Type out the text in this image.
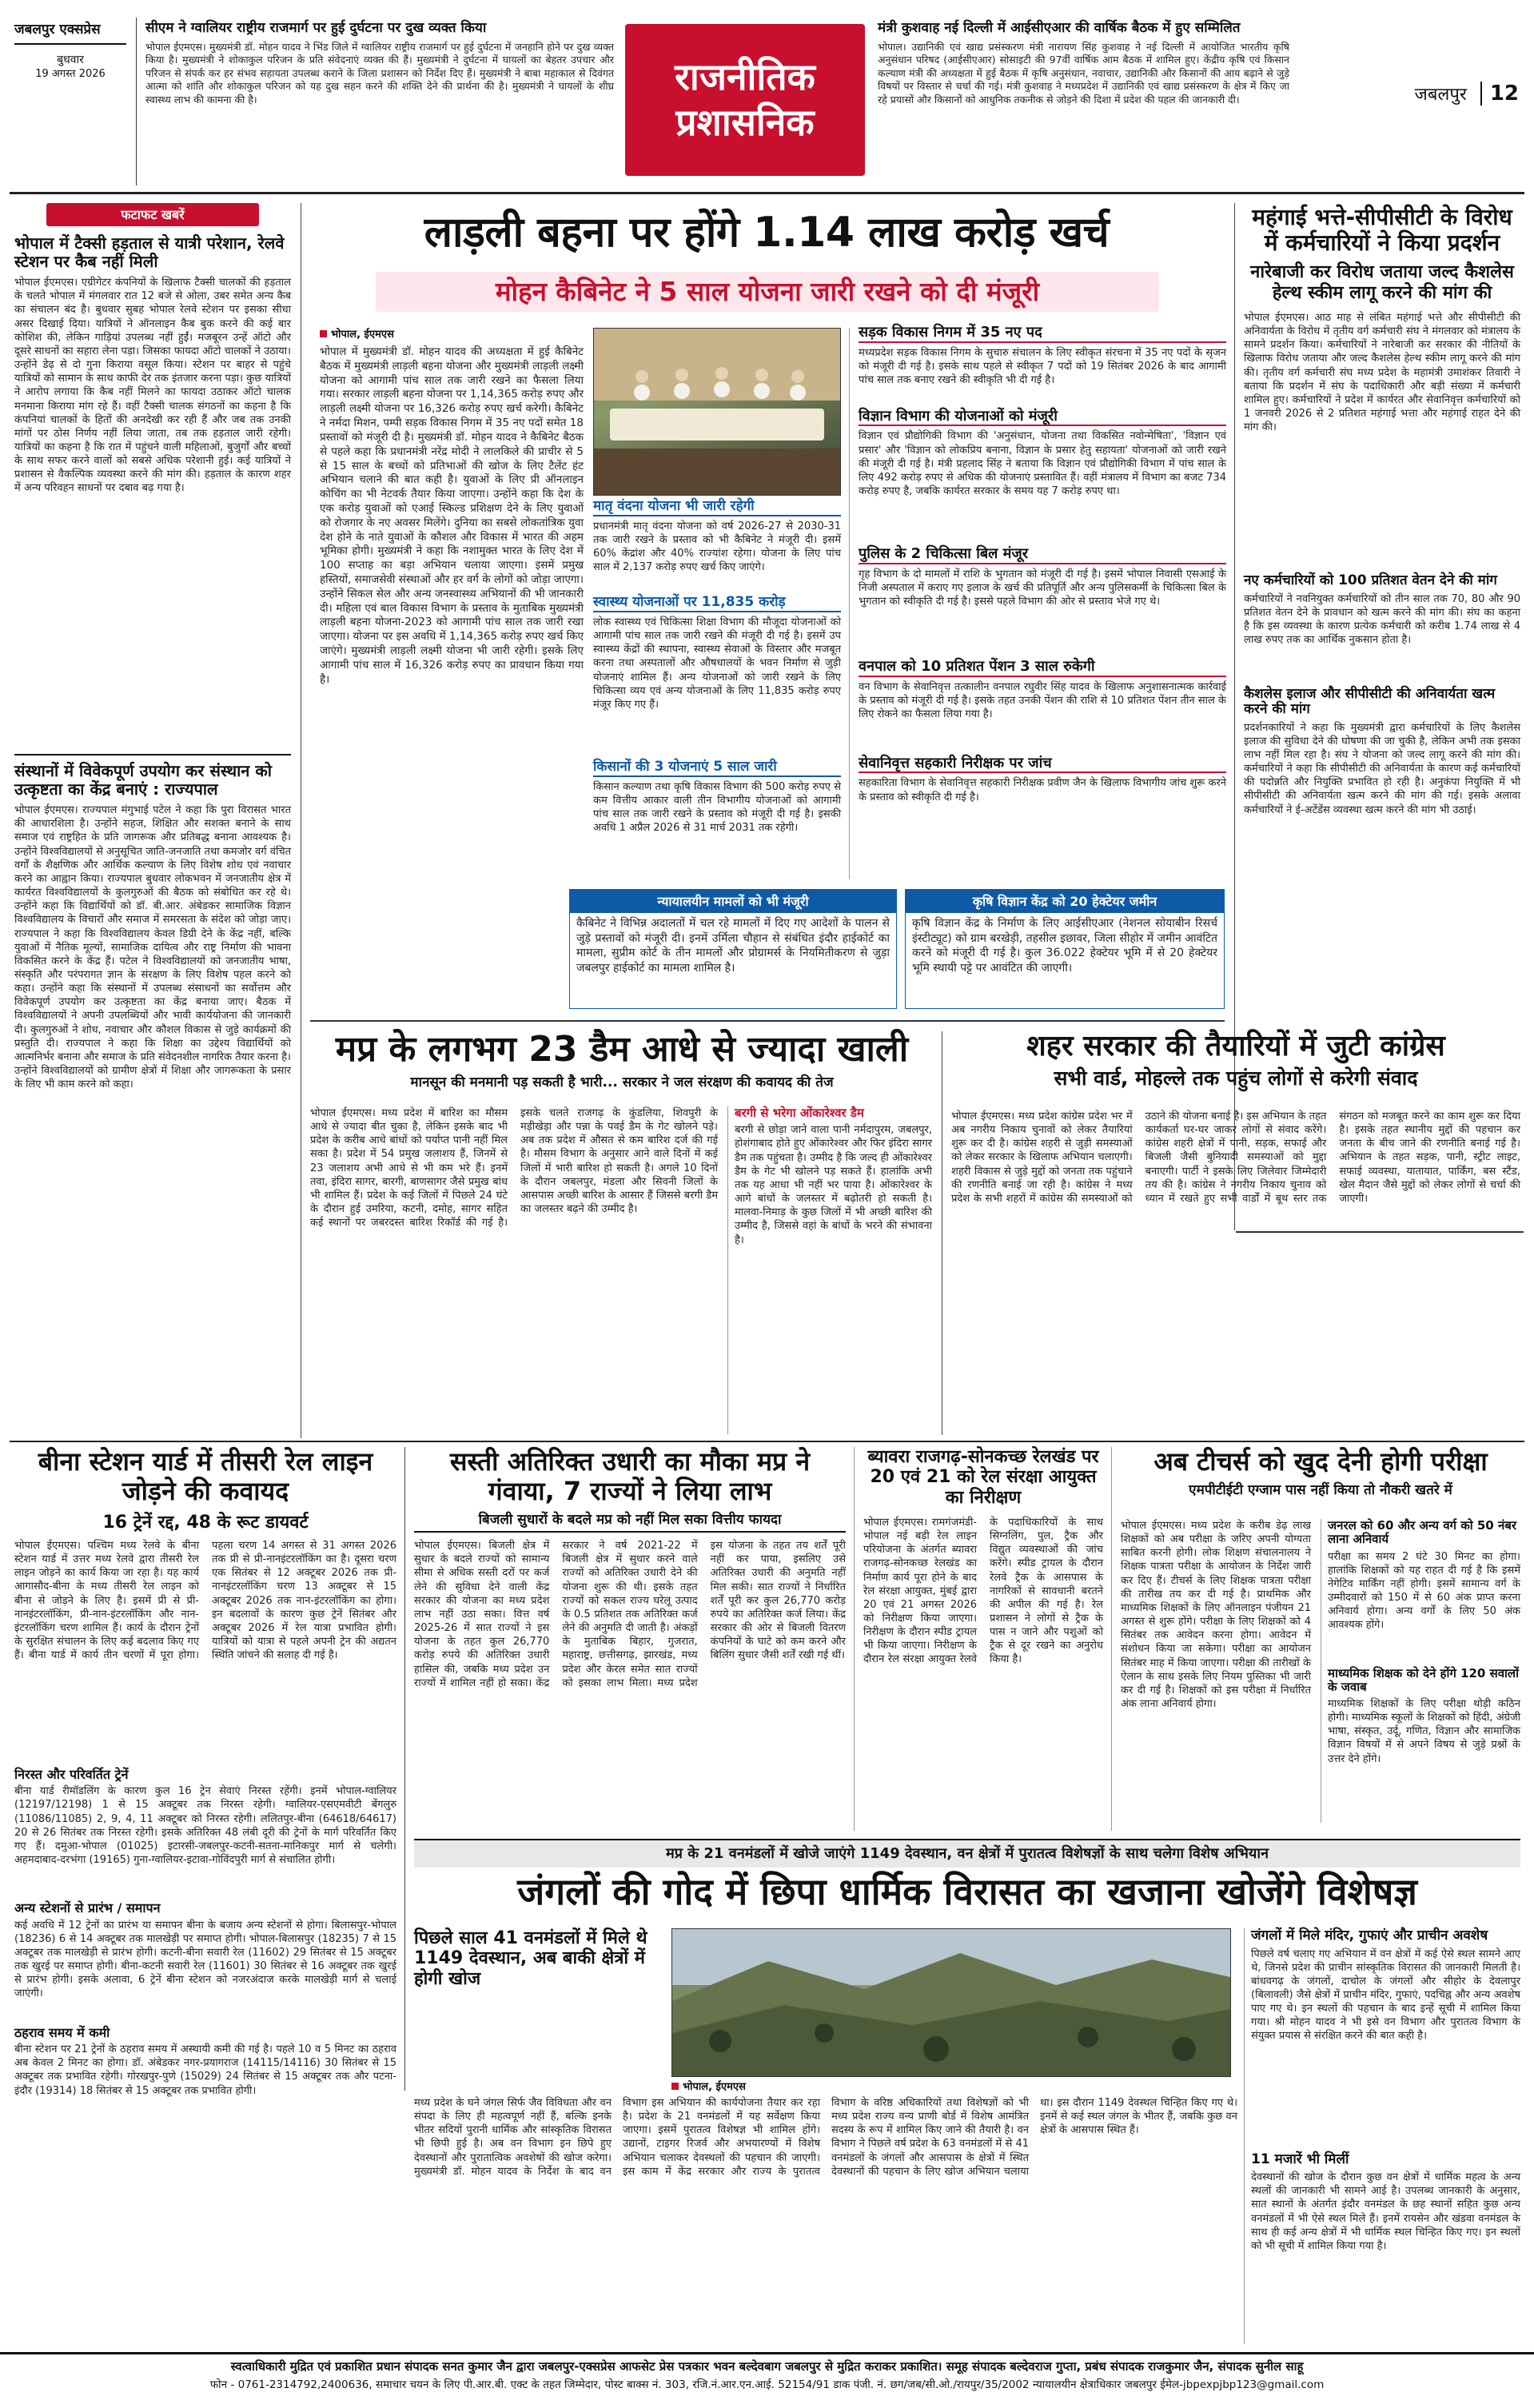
जबलपुर एक्सप्रेस
बुधवार
19 अगस्त 2026
सीएम ने ग्वालियर राष्ट्रीय राजमार्ग पर हुई दुर्घटना पर दुख व्यक्त किया
भोपाल ईएमएस। मुख्यमंत्री डॉ. मोहन यादव ने भिंड जिले में ग्वालियर राष्ट्रीय राजमार्ग पर हुई दुर्घटना में जनहानि होने पर दुख व्यक्त किया है। मुख्यमंत्री ने शोकाकुल परिजन के प्रति संवेदनाएं व्यक्त की हैं। मुख्यमंत्री ने दुर्घटना में घायलों का बेहतर उपचार और परिजन से संपर्क कर हर संभव सहायता उपलब्ध कराने के जिला प्रशासन को निर्देश दिए हैं। मुख्यमंत्री ने बाबा महाकाल से दिवंगत आत्मा को शांति और शोकाकुल परिजन को यह दुख सहन करने की शक्ति देने की प्रार्थना की है। मुख्यमंत्री ने घायलों के शीघ्र स्वास्थ्य लाभ की कामना की है।
राजनीतिक
प्रशासनिक
मंत्री कुशवाह नई दिल्ली में आईसीएआर की वार्षिक बैठक में हुए सम्मिलित
भोपाल। उद्यानिकी एवं खाद्य प्रसंस्करण मंत्री नारायण सिंह कुशवाह ने नई दिल्ली में आयोजित भारतीय कृषि अनुसंधान परिषद (आईसीएआर) सोसाइटी की 97वीं वार्षिक आम बैठक में शामिल हुए। केंद्रीय कृषि एवं किसान कल्याण मंत्री की अध्यक्षता में हुई बैठक में कृषि अनुसंधान, नवाचार, उद्यानिकी और किसानों की आय बढ़ाने से जुड़े विषयों पर विस्तार से चर्चा की गई। मंत्री कुशवाह ने मध्यप्रदेश में उद्यानिकी एवं खाद्य प्रसंस्करण के क्षेत्र में किए जा रहे प्रयासों और किसानों को आधुनिक तकनीक से जोड़ने की दिशा में प्रदेश की पहल की जानकारी दी।	जबलपुर 12
फटाफट खबरें
भोपाल में टैक्सी हड़ताल से यात्री परेशान, रेलवे स्टेशन पर कैब नहीं मिली
भोपाल ईएमएस। एग्रीगेटर कंपनियों के खिलाफ टैक्सी चालकों की हड़ताल के चलते भोपाल में मंगलवार रात 12 बजे से ओला, उबर समेत अन्य कैब का संचालन बंद है। बुधवार सुबह भोपाल रेलवे स्टेशन पर इसका सीधा असर दिखाई दिया। यात्रियों ने ऑनलाइन कैब बुक करने की कई बार कोशिश की, लेकिन गाड़ियां उपलब्ध नहीं हुईं। मजबूरन उन्हें ऑटो और दूसरे साधनों का सहारा लेना पड़ा। जिसका फायदा ऑटो चालकों ने उठाया। उन्होंने डेढ़ से दो गुना किराया वसूल किया। स्टेशन पर बाहर से पहुंचे यात्रियों को सामान के साथ काफी देर तक इंतजार करना पड़ा। कुछ यात्रियों ने आरोप लगाया कि कैब नहीं मिलने का फायदा उठाकर ऑटो चालक मनमाना किराया मांग रहे हैं। वहीं टैक्सी चालक संगठनों का कहना है कि कंपनियां चालकों के हितों की अनदेखी कर रही हैं और जब तक उनकी मांगों पर ठोस निर्णय नहीं लिया जाता, तब तक हड़ताल जारी रहेगी। यात्रियों का कहना है कि रात में पहुंचने वाली महिलाओं, बुजुर्गों और बच्चों के साथ सफर करने वालों को सबसे अधिक परेशानी हुई। कई यात्रियों ने प्रशासन से वैकल्पिक व्यवस्था करने की मांग की। हड़ताल के कारण शहर में अन्य परिवहन साधनों पर दबाव बढ़ गया है।
संस्थानों में विवेकपूर्ण उपयोग कर संस्थान को उत्कृष्टता का केंद्र बनाएं : राज्यपाल
भोपाल ईएमएस। राज्यपाल मंगुभाई पटेल ने कहा कि पुरा विरासत भारत की आधारशिला है। उन्होंने सहज, शिक्षित और सशक्त बनाने के साथ समाज एवं राष्ट्रहित के प्रति जागरूक और प्रतिबद्ध बनाना आवश्यक है। उन्होंने विश्वविद्यालयों से अनुसूचित जाति-जनजाति तथा कमजोर वर्ग वंचित वर्गों के शैक्षणिक और आर्थिक कल्याण के लिए विशेष शोध एवं नवाचार करने का आह्वान किया। राज्यपाल बुधवार लोकभवन में जनजातीय क्षेत्र में कार्यरत विश्वविद्यालयों के कुलगुरुओं की बैठक को संबोधित कर रहे थे। उन्होंने कहा कि विद्यार्थियों को डॉ. बी.आर. अंबेडकर सामाजिक विज्ञान विश्वविद्यालय के विचारों और समाज में समरसता के संदेश को जोड़ा जाए। राज्यपाल ने कहा कि विश्वविद्यालय केवल डिग्री देने के केंद्र नहीं, बल्कि युवाओं में नैतिक मूल्यों, सामाजिक दायित्व और राष्ट्र निर्माण की भावना विकसित करने के केंद्र हैं। पटेल ने विश्वविद्यालयों को जनजातीय भाषा, संस्कृति और परंपरागत ज्ञान के संरक्षण के लिए विशेष पहल करने को कहा। उन्होंने कहा कि संस्थानों में उपलब्ध संसाधनों का सर्वोत्तम और विवेकपूर्ण उपयोग कर उत्कृष्टता का केंद्र बनाया जाए। बैठक में विश्वविद्यालयों ने अपनी उपलब्धियों और भावी कार्ययोजना की जानकारी दी। कुलगुरुओं ने शोध, नवाचार और कौशल विकास से जुड़े कार्यक्रमों की प्रस्तुति दी। राज्यपाल ने कहा कि शिक्षा का उद्देश्य विद्यार्थियों को आत्मनिर्भर बनाना और समाज के प्रति संवेदनशील नागरिक तैयार करना है। उन्होंने विश्वविद्यालयों को ग्रामीण क्षेत्रों में शिक्षा और जागरूकता के प्रसार के लिए भी काम करने को कहा।
लाड़ली बहना पर होंगे 1.14 लाख करोड़ खर्च
मोहन कैबिनेट ने 5 साल योजना जारी रखने को दी मंजूरी
भोपाल, ईएमएस
भोपाल में मुख्यमंत्री डॉ. मोहन यादव की अध्यक्षता में हुई कैबिनेट बैठक में मुख्यमंत्री लाड़ली बहना योजना और मुख्यमंत्री लाड़ली लक्ष्मी योजना को आगामी पांच साल तक जारी रखने का फैसला लिया गया। सरकार लाड़ली बहना योजना पर 1,14,365 करोड़ रुपए और लाड़ली लक्ष्मी योजना पर 16,326 करोड़ रुपए खर्च करेगी। कैबिनेट ने नर्मदा मिशन, पम्पी सड़क विकास निगम में 35 नए पदों समेत 18 प्रस्तावों को मंजूरी दी है। मुख्यमंत्री डॉ. मोहन यादव ने कैबिनेट बैठक से पहले कहा कि प्रधानमंत्री नरेंद्र मोदी ने लालकिले की प्राचीर से 5 से 15 साल के बच्चों को प्रतिभाओं की खोज के लिए टैलेंट हंट अभियान चलाने की बात कही है। युवाओं के लिए प्री ऑनलाइन कोचिंग का भी नेटवर्क तैयार किया जाएगा। उन्होंने कहा कि देश के एक करोड़ युवाओं को एआई स्किल्ड प्रशिक्षण देने के लिए युवाओं को रोजगार के नए अवसर मिलेंगे। दुनिया का सबसे लोकतांत्रिक युवा देश होने के नाते युवाओं के कौशल और विकास में भारत की अहम भूमिका होगी। मुख्यमंत्री ने कहा कि नशामुक्त भारत के लिए देश में 100 सप्ताह का बड़ा अभियान चलाया जाएगा। इसमें प्रमुख हस्तियों, समाजसेवी संस्थाओं और हर वर्ग के लोगों को जोड़ा जाएगा। उन्होंने सिकल सेल और अन्य जनस्वास्थ्य अभियानों की भी जानकारी दी। महिला एवं बाल विकास विभाग के प्रस्ताव के मुताबिक मुख्यमंत्री लाड़ली बहना योजना-2023 को आगामी पांच साल तक जारी रखा जाएगा। योजना पर इस अवधि में 1,14,365 करोड़ रुपए खर्च किए जाएंगे। मुख्यमंत्री लाड़ली लक्ष्मी योजना भी जारी रहेगी। इसके लिए आगामी पांच साल में 16,326 करोड़ रुपए का प्रावधान किया गया है।
मातृ वंदना योजना भी जारी रहेगी
प्रधानमंत्री मातृ वंदना योजना को वर्ष 2026-27 से 2030-31 तक जारी रखने के प्रस्ताव को भी कैबिनेट ने मंजूरी दी। इसमें 60% केंद्रांश और 40% राज्यांश रहेगा। योजना के लिए पांच साल में 2,137 करोड़ रुपए खर्च किए जाएंगे।
स्वास्थ्य योजनाओं पर 11,835 करोड़
लोक स्वास्थ्य एवं चिकित्सा शिक्षा विभाग की मौजूदा योजनाओं को आगामी पांच साल तक जारी रखने की मंजूरी दी गई है। इसमें उप स्वास्थ्य केंद्रों की स्थापना, स्वास्थ्य सेवाओं के विस्तार और मजबूत करना तथा अस्पतालों और औषधालयों के भवन निर्माण से जुड़ी योजनाएं शामिल हैं। अन्य योजनाओं को जारी रखने के लिए चिकित्सा व्यय एवं अन्य योजनाओं के लिए 11,835 करोड़ रुपए मंजूर किए गए हैं।
किसानों की 3 योजनाएं 5 साल जारी
किसान कल्याण तथा कृषि विकास विभाग की 500 करोड़ रुपए से कम वित्तीय आकार वाली तीन विभागीय योजनाओं को आगामी पांच साल तक जारी रखने के प्रस्ताव को मंजूरी दी गई है। इसकी अवधि 1 अप्रैल 2026 से 31 मार्च 2031 तक रहेगी।
सड़क विकास निगम में 35 नए पद
मध्यप्रदेश सड़क विकास निगम के सुचारु संचालन के लिए स्वीकृत संरचना में 35 नए पदों के सृजन को मंजूरी दी गई है। इसके साथ पहले से स्वीकृत 7 पदों को 19 सितंबर 2026 के बाद आगामी पांच साल तक बनाए रखने की स्वीकृति भी दी गई है।
विज्ञान विभाग की योजनाओं को मंजूरी
विज्ञान एवं प्रौद्योगिकी विभाग की 'अनुसंधान, योजना तथा विकसित नवोन्मेषिता', 'विज्ञान एवं प्रसार' और 'विज्ञान को लोकप्रिय बनाना, विज्ञान के प्रसार हेतु सहायता' योजनाओं को जारी रखने की मंजूरी दी गई है। मंत्री प्रहलाद सिंह ने बताया कि विज्ञान एवं प्रौद्योगिकी विभाग में पांच साल के लिए 492 करोड़ रुपए से अधिक की योजनाएं प्रस्तावित हैं। वहीं मंत्रालय में विभाग का बजट 734 करोड़ रुपए है, जबकि कार्यरत सरकार के समय यह 7 करोड़ रुपए था।
पुलिस के 2 चिकित्सा बिल मंजूर
गृह विभाग के दो मामलों में राशि के भुगतान को मंजूरी दी गई है। इसमें भोपाल निवासी एसआई के निजी अस्पताल में कराए गए इलाज के खर्च की प्रतिपूर्ति और अन्य पुलिसकर्मी के चिकित्सा बिल के भुगतान को स्वीकृति दी गई है। इससे पहले विभाग की ओर से प्रस्ताव भेजे गए थे।
वनपाल को 10 प्रतिशत पेंशन 3 साल रुकेगी
वन विभाग के सेवानिवृत्त तत्कालीन वनपाल रघुवीर सिंह यादव के खिलाफ अनुशासनात्मक कार्रवाई के प्रस्ताव को मंजूरी दी गई है। इसके तहत उनकी पेंशन की राशि से 10 प्रतिशत पेंशन तीन साल के लिए रोकने का फैसला लिया गया है।
सेवानिवृत्त सहकारी निरीक्षक पर जांच
सहकारिता विभाग के सेवानिवृत्त सहकारी निरीक्षक प्रवीण जैन के खिलाफ विभागीय जांच शुरू करने के प्रस्ताव को स्वीकृति दी गई है।
न्यायालयीन मामलों को भी मंजूरी
कैबिनेट ने विभिन्न अदालतों में चल रहे मामलों में दिए गए आदेशों के पालन से जुड़े प्रस्तावों को मंजूरी दी। इनमें उर्मिला चौहान से संबंधित इंदौर हाईकोर्ट का मामला, सुप्रीम कोर्ट के तीन मामलों और प्रोग्रामर्स के नियमितीकरण से जुड़ा जबलपुर हाईकोर्ट का मामला शामिल है।
कृषि विज्ञान केंद्र को 20 हेक्टेयर जमीन
कृषि विज्ञान केंद्र के निर्माण के लिए आईसीएआर (नेशनल सोयाबीन रिसर्च इंस्टीट्यूट) को ग्राम बरखेड़ी, तहसील इछावर, जिला सीहोर में जमीन आवंटित करने को मंजूरी दी गई है। कुल 36.022 हेक्टेयर भूमि में से 20 हेक्टेयर भूमि स्थायी पट्टे पर आवंटित की जाएगी।
महंगाई भत्ते-सीपीसीटी के विरोध में कर्मचारियों ने किया प्रदर्शन
नारेबाजी कर विरोध जताया जल्द कैशलेस हेल्थ स्कीम लागू करने की मांग की
भोपाल ईएमएस। आठ माह से लंबित महंगाई भत्ते और सीपीसीटी की अनिवार्यता के विरोध में तृतीय वर्ग कर्मचारी संघ ने मंगलवार को मंत्रालय के सामने प्रदर्शन किया। कर्मचारियों ने नारेबाजी कर सरकार की नीतियों के खिलाफ विरोध जताया और जल्द कैशलेस हेल्थ स्कीम लागू करने की मांग की। तृतीय वर्ग कर्मचारी संघ मध्य प्रदेश के महामंत्री उमाशंकर तिवारी ने बताया कि प्रदर्शन में संघ के पदाधिकारी और बड़ी संख्या में कर्मचारी शामिल हुए। कर्मचारियों ने प्रदेश में कार्यरत और सेवानिवृत्त कर्मचारियों को 1 जनवरी 2026 से 2 प्रतिशत महंगाई भत्ता और महंगाई राहत देने की मांग की।
नए कर्मचारियों को 100 प्रतिशत वेतन देने की मांग
कर्मचारियों ने नवनियुक्त कर्मचारियों को तीन साल तक 70, 80 और 90 प्रतिशत वेतन देने के प्रावधान को खत्म करने की मांग की। संघ का कहना है कि इस व्यवस्था के कारण प्रत्येक कर्मचारी को करीब 1.74 लाख से 4 लाख रुपए तक का आर्थिक नुकसान होता है।
कैशलेस इलाज और सीपीसीटी की अनिवार्यता खत्म करने की मांग
प्रदर्शनकारियों ने कहा कि मुख्यमंत्री द्वारा कर्मचारियों के लिए कैशलेस इलाज की सुविधा देने की घोषणा की जा चुकी है, लेकिन अभी तक इसका लाभ नहीं मिल रहा है। संघ ने योजना को जल्द लागू करने की मांग की। कर्मचारियों ने कहा कि सीपीसीटी की अनिवार्यता के कारण कई कर्मचारियों की पदोन्नति और नियुक्ति प्रभावित हो रही है। अनुकंपा नियुक्ति में भी सीपीसीटी की अनिवार्यता खत्म करने की मांग की गई। इसके अलावा कर्मचारियों ने ई-अटेंडेंस व्यवस्था खत्म करने की मांग भी उठाई।
मप्र के लगभग 23 डैम आधे से ज्यादा खाली
मानसून की मनमानी पड़ सकती है भारी... सरकार ने जल संरक्षण की कवायद की तेज
भोपाल ईएमएस। मध्य प्रदेश में बारिश का मौसम आधे से ज्यादा बीत चुका है, लेकिन इसके बाद भी प्रदेश के करीब आधे बांधों को पर्याप्त पानी नहीं मिल सका है। प्रदेश में 54 प्रमुख जलाशय हैं, जिनमें से 23 जलाशय अभी आधे से भी कम भरे हैं। इनमें तवा, इंदिरा सागर, बारगी, बाणसागर जैसे प्रमुख बांध भी शामिल हैं। प्रदेश के कई जिलों में पिछले 24 घंटे के दौरान हुई उमरिया, कटनी, दमोह, सागर सहित कई स्थानों पर जबरदस्त बारिश रिकॉर्ड की गई है। इसके चलते राजगढ़ के कुंडलिया, शिवपुरी के मड़ीखेड़ा और पन्ना के पवई डैम के गेट खोलने पड़े। अब तक प्रदेश में औसत से कम बारिश दर्ज की गई है। मौसम विभाग के अनुसार आने वाले दिनों में कई जिलों में भारी बारिश हो सकती है। अगले 10 दिनों के दौरान जबलपुर, मंडला और सिवनी जिलों के आसपास अच्छी बारिश के आसार हैं जिससे बरगी डैम का जलस्तर बढ़ने की उम्मीद है।
बरगी से भरेगा ओंकारेश्वर डैम
बरगी से छोड़ा जाने वाला पानी नर्मदापुरम, जबलपुर, होशंगाबाद होते हुए ओंकारेश्वर और फिर इंदिरा सागर डैम तक पहुंचता है। उम्मीद है कि जल्द ही ओंकारेश्वर डैम के गेट भी खोलने पड़ सकते हैं। हालांकि अभी तक यह आधा भी नहीं भर पाया है। ओंकारेश्वर के आगे बांधों के जलस्तर में बढ़ोतरी हो सकती है। मालवा-निमाड़ के कुछ जिलों में भी अच्छी बारिश की उम्मीद है, जिससे वहां के बांधों के भरने की संभावना है।
शहर सरकार की तैयारियों में जुटी कांग्रेस
सभी वार्ड, मोहल्ले तक पहुंच लोगों से करेगी संवाद
भोपाल ईएमएस। मध्य प्रदेश कांग्रेस प्रदेश भर में अब नगरीय निकाय चुनावों को लेकर तैयारियां शुरू कर दी है। कांग्रेस शहरी से जुड़ी समस्याओं को लेकर सरकार के खिलाफ अभियान चलाएगी। शहरी विकास से जुड़े मुद्दों को जनता तक पहुंचाने की रणनीति बनाई जा रही है। कांग्रेस ने मध्य प्रदेश के सभी शहरों में कांग्रेस की समस्याओं को उठाने की योजना बनाई है। इस अभियान के तहत कार्यकर्ता घर-घर जाकर लोगों से संवाद करेंगे। कांग्रेस शहरी क्षेत्रों में पानी, सड़क, सफाई और बिजली जैसी बुनियादी समस्याओं को मुद्दा बनाएगी। पार्टी ने इसके लिए जिलेवार जिम्मेदारी तय की है। कांग्रेस ने नगरीय निकाय चुनाव को ध्यान में रखते हुए सभी वार्डों में बूथ स्तर तक संगठन को मजबूत करने का काम शुरू कर दिया है। इसके तहत स्थानीय मुद्दों की पहचान कर जनता के बीच जाने की रणनीति बनाई गई है। अभियान के तहत सड़क, पानी, स्ट्रीट लाइट, सफाई व्यवस्था, यातायात, पार्किंग, बस स्टैंड, खेल मैदान जैसे मुद्दों को लेकर लोगों से चर्चा की जाएगी।
बीना स्टेशन यार्ड में तीसरी रेल लाइन जोड़ने की कवायद
16 ट्रेनें रद्द, 48 के रूट डायवर्ट
भोपाल ईएमएस। पश्चिम मध्य रेलवे के बीना स्टेशन यार्ड में उत्तर मध्य रेलवे द्वारा तीसरी रेल लाइन जोड़ने का कार्य किया जा रहा है। यह कार्य आगासौद-बीना के मध्य तीसरी रेल लाइन को बीना से जोड़ने के लिए है। इसमें प्री से प्री-नानइंटरलॉकिंग, प्री-नान-इंटरलॉकिंग और नान-इंटरलॉकिंग चरण शामिल हैं। कार्य के दौरान ट्रेनों के सुरक्षित संचालन के लिए कई बदलाव किए गए हैं। बीना यार्ड में कार्य तीन चरणों में पूरा होगा। पहला चरण 14 अगस्त से 31 अगस्त 2026 तक प्री से प्री-नानइंटरलॉकिंग का है। दूसरा चरण एक सितंबर से 12 अक्टूबर 2026 तक प्री-नानइंटरलॉकिंग चरण 13 अक्टूबर से 15 अक्टूबर 2026 तक नान-इंटरलॉकिंग का होगा। इन बदलावों के कारण कुछ ट्रेनें सितंबर और अक्टूबर 2026 में रेल यात्रा प्रभावित होगी। यात्रियों को यात्रा से पहले अपनी ट्रेन की अद्यतन स्थिति जांचने की सलाह दी गई है।
निरस्त और परिवर्तित ट्रेनें
बीना यार्ड रीमॉडलिंग के कारण कुल 16 ट्रेन सेवाएं निरस्त रहेंगी। इनमें भोपाल-ग्वालियर (12197/12198) 1 से 15 अक्टूबर तक निरस्त रहेगी। ग्वालियर-एसएमवीटी बेंगलुरु (11086/11085) 2, 9, 4, 11 अक्टूबर को निरस्त रहेगी। ललितपुर-बीना (64618/64617) 20 से 26 सितंबर तक निरस्त रहेगी। इसके अतिरिक्त 48 लंबी दूरी की ट्रेनों के मार्ग परिवर्तित किए गए हैं। दमुआ-भोपाल (01025) इटारसी-जबलपुर-कटनी-सतना-मानिकपुर मार्ग से चलेगी। अहमदाबाद-दरभंगा (19165) गुना-ग्वालियर-इटावा-गोविंदपुरी मार्ग से संचालित होगी।
अन्य स्टेशनों से प्रारंभ / समापन
कई अवधि में 12 ट्रेनों का प्रारंभ या समापन बीना के बजाय अन्य स्टेशनों से होगा। बिलासपुर-भोपाल (18236) 6 से 14 अक्टूबर तक मालखेड़ी पर समाप्त होगी। भोपाल-बिलासपुर (18235) 7 से 15 अक्टूबर तक मालखेड़ी से प्रारंभ होगी। कटनी-बीना सवारी रेल (11602) 29 सितंबर से 15 अक्टूबर तक खुरई पर समाप्त होगी। बीना-कटनी सवारी रेल (11601) 30 सितंबर से 16 अक्टूबर तक खुरई से प्रारंभ होगी। इसके अलावा, 6 ट्रेनें बीना स्टेशन को नजरअंदाज करके मालखेड़ी मार्ग से चलाई जाएंगी।
ठहराव समय में कमी
बीना स्टेशन पर 21 ट्रेनों के ठहराव समय में अस्थायी कमी की गई है। पहले 10 व 5 मिनट का ठहराव अब केवल 2 मिनट का होगा। डॉ. अंबेडकर नगर-प्रयागराज (14115/14116) 30 सितंबर से 15 अक्टूबर तक प्रभावित रहेगी। गोरखपुर-पुणे (15029) 24 सितंबर से 15 अक्टूबर तक और पटना-इंदौर (19314) 18 सितंबर से 15 अक्टूबर तक प्रभावित होगी।
सस्ती अतिरिक्त उधारी का मौका मप्र ने गंवाया, 7 राज्यों ने लिया लाभ
बिजली सुधारों के बदले मप्र को नहीं मिल सका वित्तीय फायदा
भोपाल ईएमएस। बिजली क्षेत्र में सुधार के बदले राज्यों को सामान्य सीमा से अधिक सस्ती दरों पर कर्ज लेने की सुविधा देने वाली केंद्र सरकार की योजना का मध्य प्रदेश लाभ नहीं उठा सका। वित्त वर्ष 2025-26 में सात राज्यों ने इस योजना के तहत कुल 26,770 करोड़ रुपये की अतिरिक्त उधारी हासिल की, जबकि मध्य प्रदेश उन राज्यों में शामिल नहीं हो सका। केंद्र सरकार ने वर्ष 2021-22 में बिजली क्षेत्र में सुधार करने वाले राज्यों को अतिरिक्त उधारी देने की योजना शुरू की थी। इसके तहत राज्यों को सकल राज्य घरेलू उत्पाद के 0.5 प्रतिशत तक अतिरिक्त कर्ज लेने की अनुमति दी जाती है। अंकड़ों के मुताबिक बिहार, गुजरात, महाराष्ट्र, छत्तीसगढ़, झारखंड, मध्य प्रदेश और केरल समेत सात राज्यों को इसका लाभ मिला। मध्य प्रदेश इस योजना के तहत तय शर्तें पूरी नहीं कर पाया, इसलिए उसे अतिरिक्त उधारी की अनुमति नहीं मिल सकी। सात राज्यों ने निर्धारित शर्तें पूरी कर कुल 26,770 करोड़ रुपये का अतिरिक्त कर्ज लिया। केंद्र सरकार की ओर से बिजली वितरण कंपनियों के घाटे को कम करने और बिलिंग सुधार जैसी शर्तें रखी गई थीं।
ब्यावरा राजगढ़-सोनकच्छ रेलखंड पर 20 एवं 21 को रेल संरक्षा आयुक्त का निरीक्षण
भोपाल ईएमएस। रामगंजमंडी-भोपाल नई बड़ी रेल लाइन परियोजना के अंतर्गत ब्यावरा राजगढ़-सोनकच्छ रेलखंड का निर्माण कार्य पूरा होने के बाद रेल संरक्षा आयुक्त, मुंबई द्वारा 20 एवं 21 अगस्त 2026 को निरीक्षण किया जाएगा। निरीक्षण के दौरान स्पीड ट्रायल भी किया जाएगा। निरीक्षण के दौरान रेल संरक्षा आयुक्त रेलवे के पदाधिकारियों के साथ सिग्नलिंग, पुल, ट्रैक और विद्युत व्यवस्थाओं की जांच करेंगे। स्पीड ट्रायल के दौरान रेलवे ट्रैक के आसपास के नागरिकों से सावधानी बरतने की अपील की गई है। रेल प्रशासन ने लोगों से ट्रैक के पास न जाने और पशुओं को ट्रैक से दूर रखने का अनुरोध किया है।
अब टीचर्स को खुद देनी होगी परीक्षा
एमपीटीईटी एग्जाम पास नहीं किया तो नौकरी खतरे में
भोपाल ईएमएस। मध्य प्रदेश के करीब डेढ़ लाख शिक्षकों को अब परीक्षा के जरिए अपनी योग्यता साबित करनी होगी। लोक शिक्षण संचालनालय ने शिक्षक पात्रता परीक्षा के आयोजन के निर्देश जारी कर दिए हैं। टीचर्स के लिए शिक्षक पात्रता परीक्षा की तारीख तय कर दी गई है। प्राथमिक और माध्यमिक शिक्षकों के लिए ऑनलाइन पंजीयन 21 अगस्त से शुरू होंगे। परीक्षा के लिए शिक्षकों को 4 सितंबर तक आवेदन करना होगा। आवेदन में संशोधन किया जा सकेगा। परीक्षा का आयोजन सितंबर माह में किया जाएगा। परीक्षा की तारीखों के ऐलान के साथ इसके लिए नियम पुस्तिका भी जारी कर दी गई है। शिक्षकों को इस परीक्षा में निर्धारित अंक लाना अनिवार्य होगा।
जनरल को 60 और अन्य वर्ग को 50 नंबर लाना अनिवार्य
परीक्षा का समय 2 घंटे 30 मिनट का होगा। हालांकि शिक्षकों को यह राहत दी गई है कि इसमें नेगेटिव मार्किंग नहीं होगी। इसमें सामान्य वर्ग के उम्मीदवारों को 150 में से 60 अंक प्राप्त करना अनिवार्य होगा। अन्य वर्गों के लिए 50 अंक आवश्यक होंगे।
माध्यमिक शिक्षक को देने होंगे 120 सवालों के जवाब
माध्यमिक शिक्षकों के लिए परीक्षा थोड़ी कठिन होगी। माध्यमिक स्कूलों के शिक्षकों को हिंदी, अंग्रेजी भाषा, संस्कृत, उर्दू, गणित, विज्ञान और सामाजिक विज्ञान विषयों में से अपने विषय से जुड़े प्रश्नों के उत्तर देने होंगे।
मप्र के 21 वनमंडलों में खोजे जाएंगे 1149 देवस्थान, वन क्षेत्रों में पुरातत्व विशेषज्ञों के साथ चलेगा विशेष अभियान
जंगलों की गोद में छिपा धार्मिक विरासत का खजाना खोजेंगे विशेषज्ञ
पिछले साल 41 वनमंडलों में मिले थे 1149 देवस्थान, अब बाकी क्षेत्रों में होगी खोज
भोपाल, ईएमएस
मध्य प्रदेश के घने जंगल सिर्फ जैव विविधता और वन संपदा के लिए ही महत्वपूर्ण नहीं हैं, बल्कि इनके भीतर सदियों पुरानी धार्मिक और सांस्कृतिक विरासत भी छिपी हुई है। अब वन विभाग इन छिपे हुए देवस्थानों और पुरातात्विक अवशेषों की खोज करेगा। मुख्यमंत्री डॉ. मोहन यादव के निर्देश के बाद वन विभाग इस अभियान की कार्ययोजना तैयार कर रहा है। प्रदेश के 21 वनमंडलों में यह सर्वेक्षण किया जाएगा। इसमें पुरातत्व विशेषज्ञ भी शामिल होंगे। उद्यानों, टाइगर रिजर्व और अभयारण्यों में विशेष अभियान चलाकर देवस्थलों की पहचान की जाएगी। इस काम में केंद्र सरकार और राज्य के पुरातत्व विभाग के वरिष्ठ अधिकारियों तथा विशेषज्ञों को भी मध्य प्रदेश राज्य वन्य प्राणी बोर्ड में विशेष आमंत्रित सदस्य के रूप में शामिल किए जाने की तैयारी है। वन विभाग ने पिछले वर्ष प्रदेश के 63 वनमंडलों में से 41 वनमंडलों के जंगलों और आसपास के क्षेत्रों में स्थित देवस्थानों की पहचान के लिए खोज अभियान चलाया था। इस दौरान 1149 देवस्थल चिन्हित किए गए थे। इनमें से कई स्थल जंगल के भीतर हैं, जबकि कुछ वन क्षेत्रों के आसपास स्थित हैं।
जंगलों में मिले मंदिर, गुफाएं और प्राचीन अवशेष
पिछले वर्ष चलाए गए अभियान में वन क्षेत्रों में कई ऐसे स्थल सामने आए थे, जिनसे प्रदेश की प्राचीन सांस्कृतिक विरासत की जानकारी मिलती है। बांधवगढ़ के जंगलों, दाचोल के जंगलों और सीहोर के देवलापुर (बिलावली) जैसे क्षेत्रों में प्राचीन मंदिर, गुफाएं, पदचिह्न और अन्य अवशेष पाए गए थे। इन स्थलों की पहचान के बाद इन्हें सूची में शामिल किया गया। श्री मोहन यादव ने भी इसे वन विभाग और पुरातत्व विभाग के संयुक्त प्रयास से संरक्षित करने की बात कही है।
11 मजारें भी मिलीं
देवस्थानों की खोज के दौरान कुछ वन क्षेत्रों में धार्मिक महत्व के अन्य स्थलों की जानकारी भी सामने आई है। उपलब्ध जानकारी के अनुसार, सात स्थानों के अंतर्गत इंदौर वनमंडल के छह स्थानों सहित कुछ अन्य वनमंडलों में भी ऐसे स्थल मिले हैं। इनमें रायसेन और खंडवा वनमंडल के साथ ही कई अन्य क्षेत्रों में भी धार्मिक स्थल चिन्हित किए गए। इन स्थलों को भी सूची में शामिल किया गया है।
स्वत्वाधिकारी मुद्रित एवं प्रकाशित प्रधान संपादक सनत कुमार जैन द्वारा जबलपुर-एक्सप्रेस आफसेट प्रेस पत्रकार भवन बल्देवबाग जबलपुर से मुद्रित कराकर प्रकाशित। समूह संपादक बल्देवराज गुप्ता, प्रबंध संपादक राजकुमार जैन, संपादक सुनील साहू
फोन - 0761-2314792,2400636, समाचार चयन के लिए पी.आर.बी. एक्ट के तहत जिम्मेदार, पोस्ट बाक्स नं. 303, रजि.नं.आर.एन.आई. 52154/91 डाक पंजी. नं. छग/जब/सी.ओ./रायपुर/35/2002 न्यायालयीन क्षेत्राधिकार जबलपुर ईमेल-jbpexpjbp123@gmail.com
